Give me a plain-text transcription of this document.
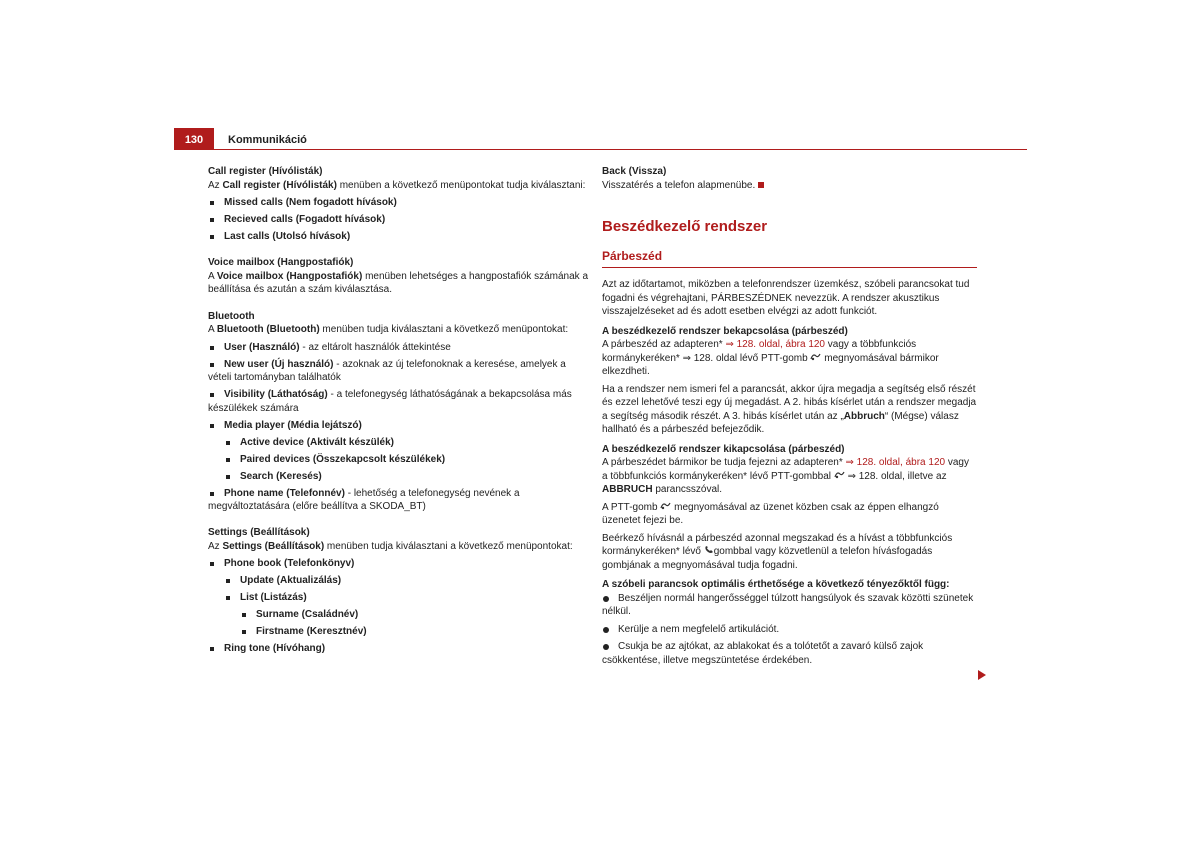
130	Kommunikáció

Call register (Hívólisták)

Az Call register (Hívólisták) menüben a következő menüpontokat tudja kiválasztani:

Missed calls (Nem fogadott hívások)
Recieved calls (Fogadott hívások)
Last calls (Utolsó hívások)

Voice mailbox (Hangpostafiók)

A Voice mailbox (Hangpostafiók) menüben lehetséges a hangpostafiók számának a beállítása és azután a szám kiválasztása.

Bluetooth

A Bluetooth (Bluetooth) menüben tudja kiválasztani a következő menüpontokat:

User (Használó) - az eltárolt használók áttekintése
New user (Új használó) - azoknak az új telefonoknak a keresése, amelyek a vételi tartományban találhatók
Visibility (Láthatóság) - a telefonegység láthatóságának a bekapcsolása más készülékek számára
Media player (Média lejátszó)
Active device (Aktivált készülék)
Paired devices (Összekapcsolt készülékek)
Search (Keresés)
Phone name (Telefonnév) - lehetőség a telefonegység nevének a megváltoztatására (előre beállítva a SKODA_BT)

Settings (Beállítások)

Az Settings (Beállítások) menüben tudja kiválasztani a következő menüpontokat:

Phone book (Telefonkönyv)
Update (Aktualizálás)
List (Listázás)
Surname (Családnév)
Firstname (Keresztnév)
Ring tone (Hívóhang)

Back (Vissza)

Visszatérés a telefon alapmenübe.

Beszédkezelő rendszer

Párbeszéd

Azt az időtartamot, miközben a telefonrendszer üzemkész, szóbeli parancsokat tud fogadni és végrehajtani, PÁRBESZÉDNEK nevezzük. A rendszer akusztikus visszajelzéseket ad és adott esetben elvégzi az adott funkciót.

A beszédkezelő rendszer bekapcsolása (párbeszéd)

A párbeszéd az adapteren* ⇒ 128. oldal, ábra 120 vagy a többfunkciós kormánykeréken* ⇒ 128. oldal lévő PTT-gomb  megnyomásával bármikor elkezdheti.

Ha a rendszer nem ismeri fel a parancsát, akkor újra megadja a segítség első részét és ezzel lehetővé teszi egy új megadást. A 2. hibás kísérlet után a rendszer megadja a segítség második részét. A 3. hibás kísérlet után az „Abbruch“ (Mégse) válasz hallható és a párbeszéd befejeződik.

A beszédkezelő rendszer kikapcsolása (párbeszéd)

A párbeszédet bármikor be tudja fejezni az adapteren* ⇒ 128. oldal, ábra 120 vagy a többfunkciós kormánykeréken* lévő PTT-gombbal  ⇒ 128. oldal, illetve az ABBRUCH parancsszóval.

A PTT-gomb  megnyomásával az üzenet közben csak az éppen elhangzó üzenetet fejezi be.

Beérkező hívásnál a párbeszéd azonnal megszakad és a hívást a többfunkciós kormánykeréken* lévő gombbal vagy közvetlenül a telefon hívásfogadás gombjának a megnyomásával tudja fogadni.

A szóbeli parancsok optimális érthetősége a következő tényezőktől függ:

Beszéljen normál hangerősséggel túlzott hangsúlyok és szavak közötti szünetek nélkül.
Kerülje a nem megfelelő artikulációt.
Csukja be az ajtókat, az ablakokat és a tolótetőt a zavaró külső zajok csökkentése, illetve megszüntetése érdekében.
